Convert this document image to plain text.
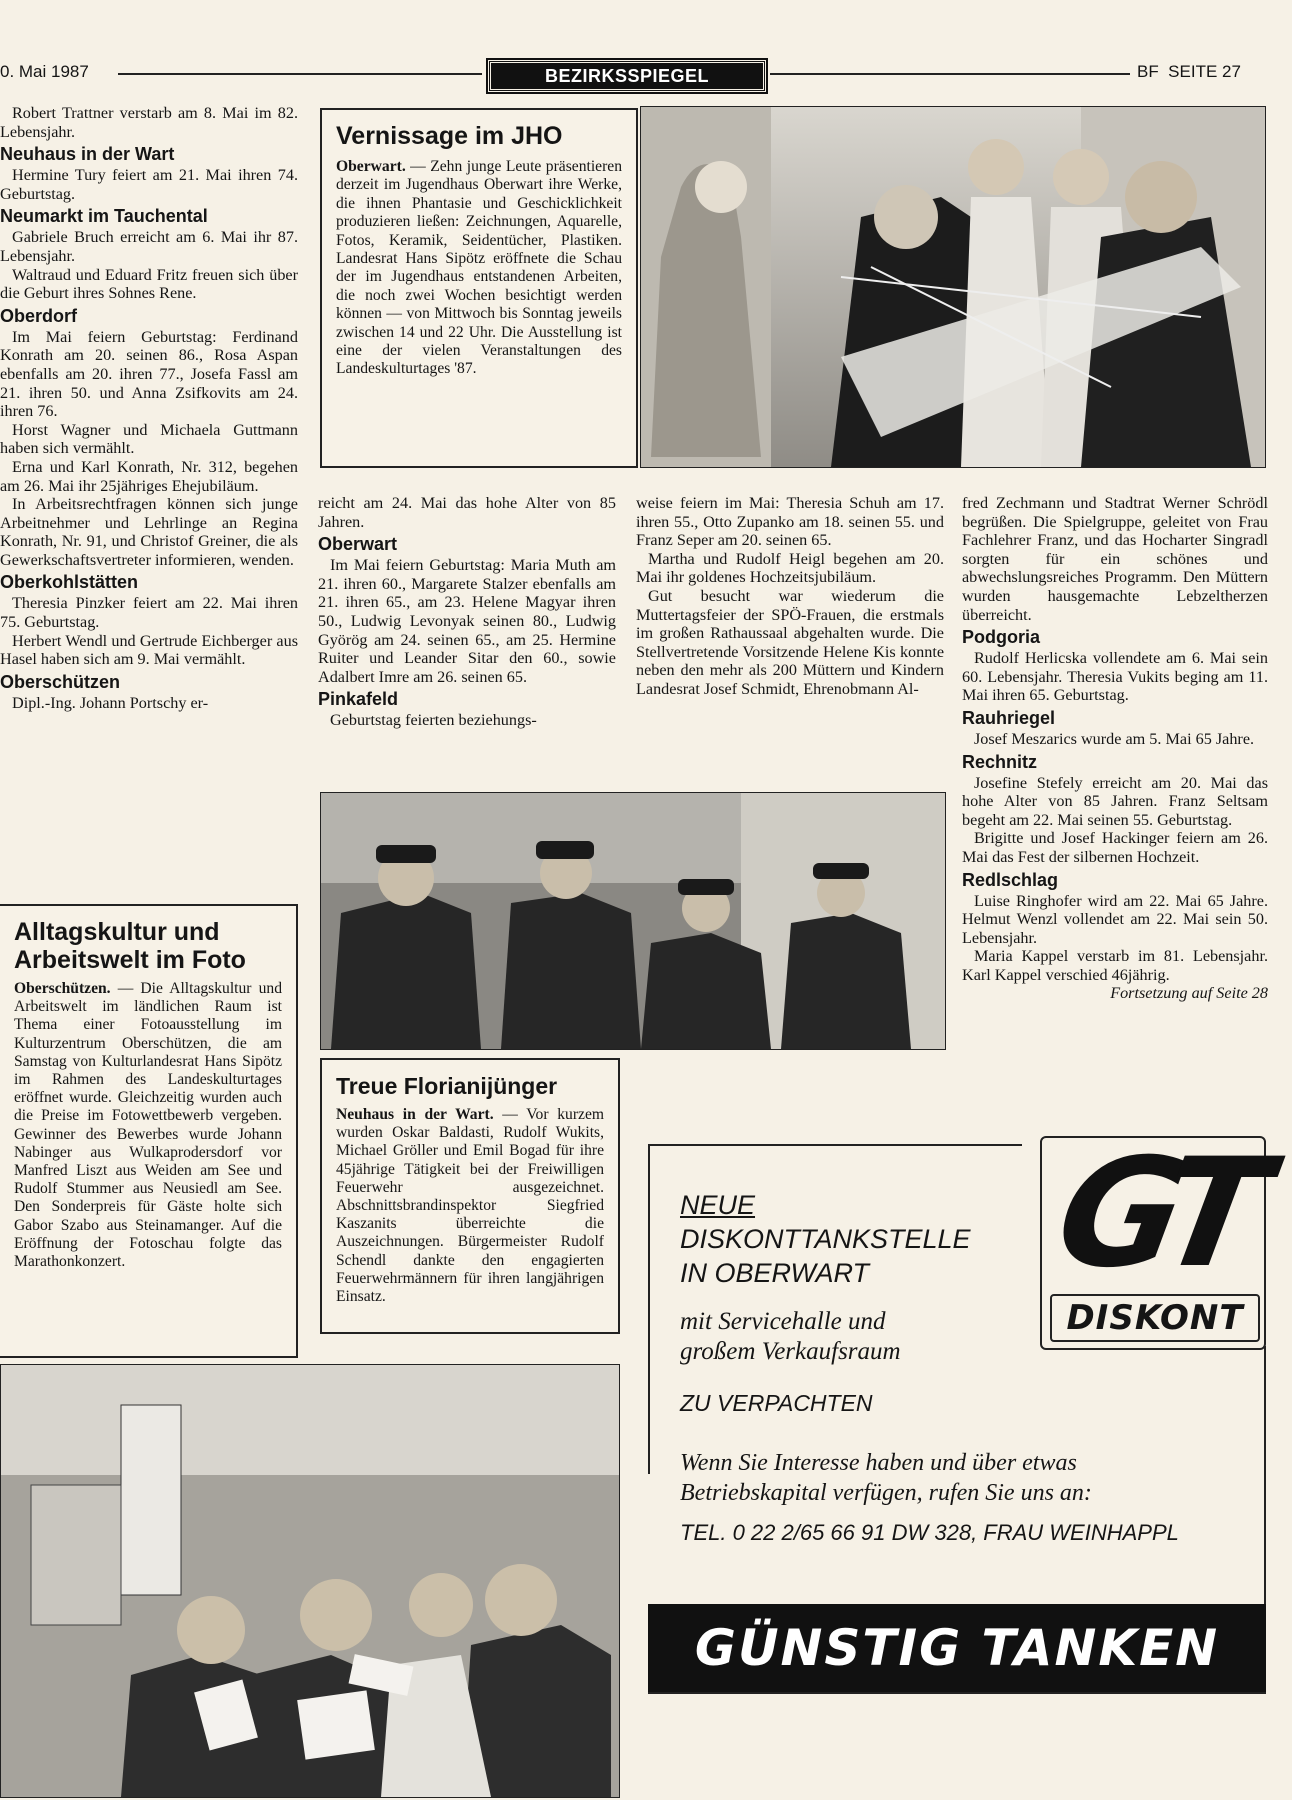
0. Mai 1987	BEZIRKSSPIEGEL	BF  SEITE 27

Robert Trattner verstarb am 8. Mai im 82. Lebensjahr.

Neuhaus in der Wart

Hermine Tury feiert am 21. Mai ihren 74. Geburtstag.

Neumarkt im Tauchental

Gabriele Bruch erreicht am 6. Mai ihr 87. Lebensjahr.

Waltraud und Eduard Fritz freuen sich über die Geburt ihres Sohnes Rene.

Oberdorf

Im Mai feiern Geburtstag: Ferdinand Konrath am 20. seinen 86., Rosa Aspan ebenfalls am 20. ihren 77., Josefa Fassl am 21. ihren 50. und Anna Zsifkovits am 24. ihren 76.

Horst Wagner und Michaela Guttmann haben sich vermählt.

Erna und Karl Konrath, Nr. 312, begehen am 26. Mai ihr 25jähriges Ehejubiläum.

In Arbeitsrechtfragen können sich junge Arbeitnehmer und Lehrlinge an Regina Konrath, Nr. 91, und Christof Greiner, die als Gewerkschaftsvertreter informieren, wenden.

Oberkohlstätten

Theresia Pinzker feiert am 22. Mai ihren 75. Geburtstag.

Herbert Wendl und Gertrude Eichberger aus Hasel haben sich am 9. Mai vermählt.

Oberschützen

Dipl.-Ing. Johann Portschy er-

Vernissage im JHO

Oberwart. — Zehn junge Leute präsentieren derzeit im Jugendhaus Oberwart ihre Werke, die ihnen Phantasie und Geschicklichkeit produzieren ließen: Zeichnungen, Aquarelle, Fotos, Keramik, Seidentücher, Plastiken. Landesrat Hans Sipötz eröffnete die Schau der im Jugendhaus entstandenen Arbeiten, die noch zwei Wochen besichtigt werden können — von Mittwoch bis Sonntag jeweils zwischen 14 und 22 Uhr. Die Ausstellung ist eine der vielen Veranstaltungen des Landeskulturtages '87.

reicht am 24. Mai das hohe Alter von 85 Jahren.

Oberwart

Im Mai feiern Geburtstag: Maria Muth am 21. ihren 60., Margarete Stalzer ebenfalls am 21. ihren 65., am 23. Helene Magyar ihren 50., Ludwig Levonyak seinen 80., Ludwig Györög am 24. seinen 65., am 25. Hermine Ruiter und Leander Sitar den 60., sowie Adalbert Imre am 26. seinen 65.

Pinkafeld

Geburtstag feierten beziehungs-

weise feiern im Mai: Theresia Schuh am 17. ihren 55., Otto Zupanko am 18. seinen 55. und Franz Seper am 20. seinen 65.

Martha und Rudolf Heigl begehen am 20. Mai ihr goldenes Hochzeitsjubiläum.

Gut besucht war wiederum die Muttertagsfeier der SPÖ-Frauen, die erstmals im großen Rathaussaal abgehalten wurde. Die Stellvertretende Vorsitzende Helene Kis konnte neben den mehr als 200 Müttern und Kindern Landesrat Josef Schmidt, Ehrenobmann Al-

fred Zechmann und Stadtrat Werner Schrödl begrüßen. Die Spielgruppe, geleitet von Frau Fachlehrer Franz, und das Hocharter Singradl sorgten für ein schönes und abwechslungsreiches Programm. Den Müttern wurden hausgemachte Lebzeltherzen überreicht.

Podgoria

Rudolf Herlicska vollendete am 6. Mai sein 60. Lebensjahr. Theresia Vukits beging am 11. Mai ihren 65. Geburtstag.

Rauhriegel

Josef Meszarics wurde am 5. Mai 65 Jahre.

Rechnitz

Josefine Stefely erreicht am 20. Mai das hohe Alter von 85 Jahren. Franz Seltsam begeht am 22. Mai seinen 55. Geburtstag.

Brigitte und Josef Hackinger feiern am 26. Mai das Fest der silbernen Hochzeit.

Redlschlag

Luise Ringhofer wird am 22. Mai 65 Jahre. Helmut Wenzl vollendet am 22. Mai sein 50. Lebensjahr.

Maria Kappel verstarb im 81. Lebensjahr. Karl Kappel verschied 46jährig.

Fortsetzung auf Seite 28

Alltagskultur und Arbeitswelt im Foto

Oberschützen. — Die Alltagskultur und Arbeitswelt im ländlichen Raum ist Thema einer Fotoausstellung im Kulturzentrum Oberschützen, die am Samstag von Kulturlandesrat Hans Sipötz im Rahmen des Landeskulturtages eröffnet wurde. Gleichzeitig wurden auch die Preise im Fotowettbewerb vergeben. Gewinner des Bewerbes wurde Johann Nabinger aus Wulkaprodersdorf vor Manfred Liszt aus Weiden am See und Rudolf Stummer aus Neusiedl am See. Den Sonderpreis für Gäste holte sich Gabor Szabo aus Steinamanger. Auf die Eröffnung der Fotoschau folgte das Marathonkonzert.

Treue Florianijünger

Neuhaus in der Wart. — Vor kurzem wurden Oskar Baldasti, Rudolf Wukits, Michael Gröller und Emil Bogad für ihre 45jährige Tätigkeit bei der Freiwilligen Feuerwehr ausgezeichnet. Abschnittsbrandinspektor Siegfried Kaszanits überreichte die Auszeichnungen. Bürgermeister Rudolf Schendl dankte den engagierten Feuerwehrmännern für ihren langjährigen Einsatz.	GT
DISKONT
NEUE
DISKONTTANKSTELLE
IN OBERWART
mit Servicehalle und
großem Verkaufsraum
ZU VERPACHTEN
Wenn Sie Interesse haben und über etwas
Betriebskapital verfügen, rufen Sie uns an:
TEL. 0 22 2/65 66 91 DW 328, FRAU WEINHAPPL
GÜNSTIG TANKEN
